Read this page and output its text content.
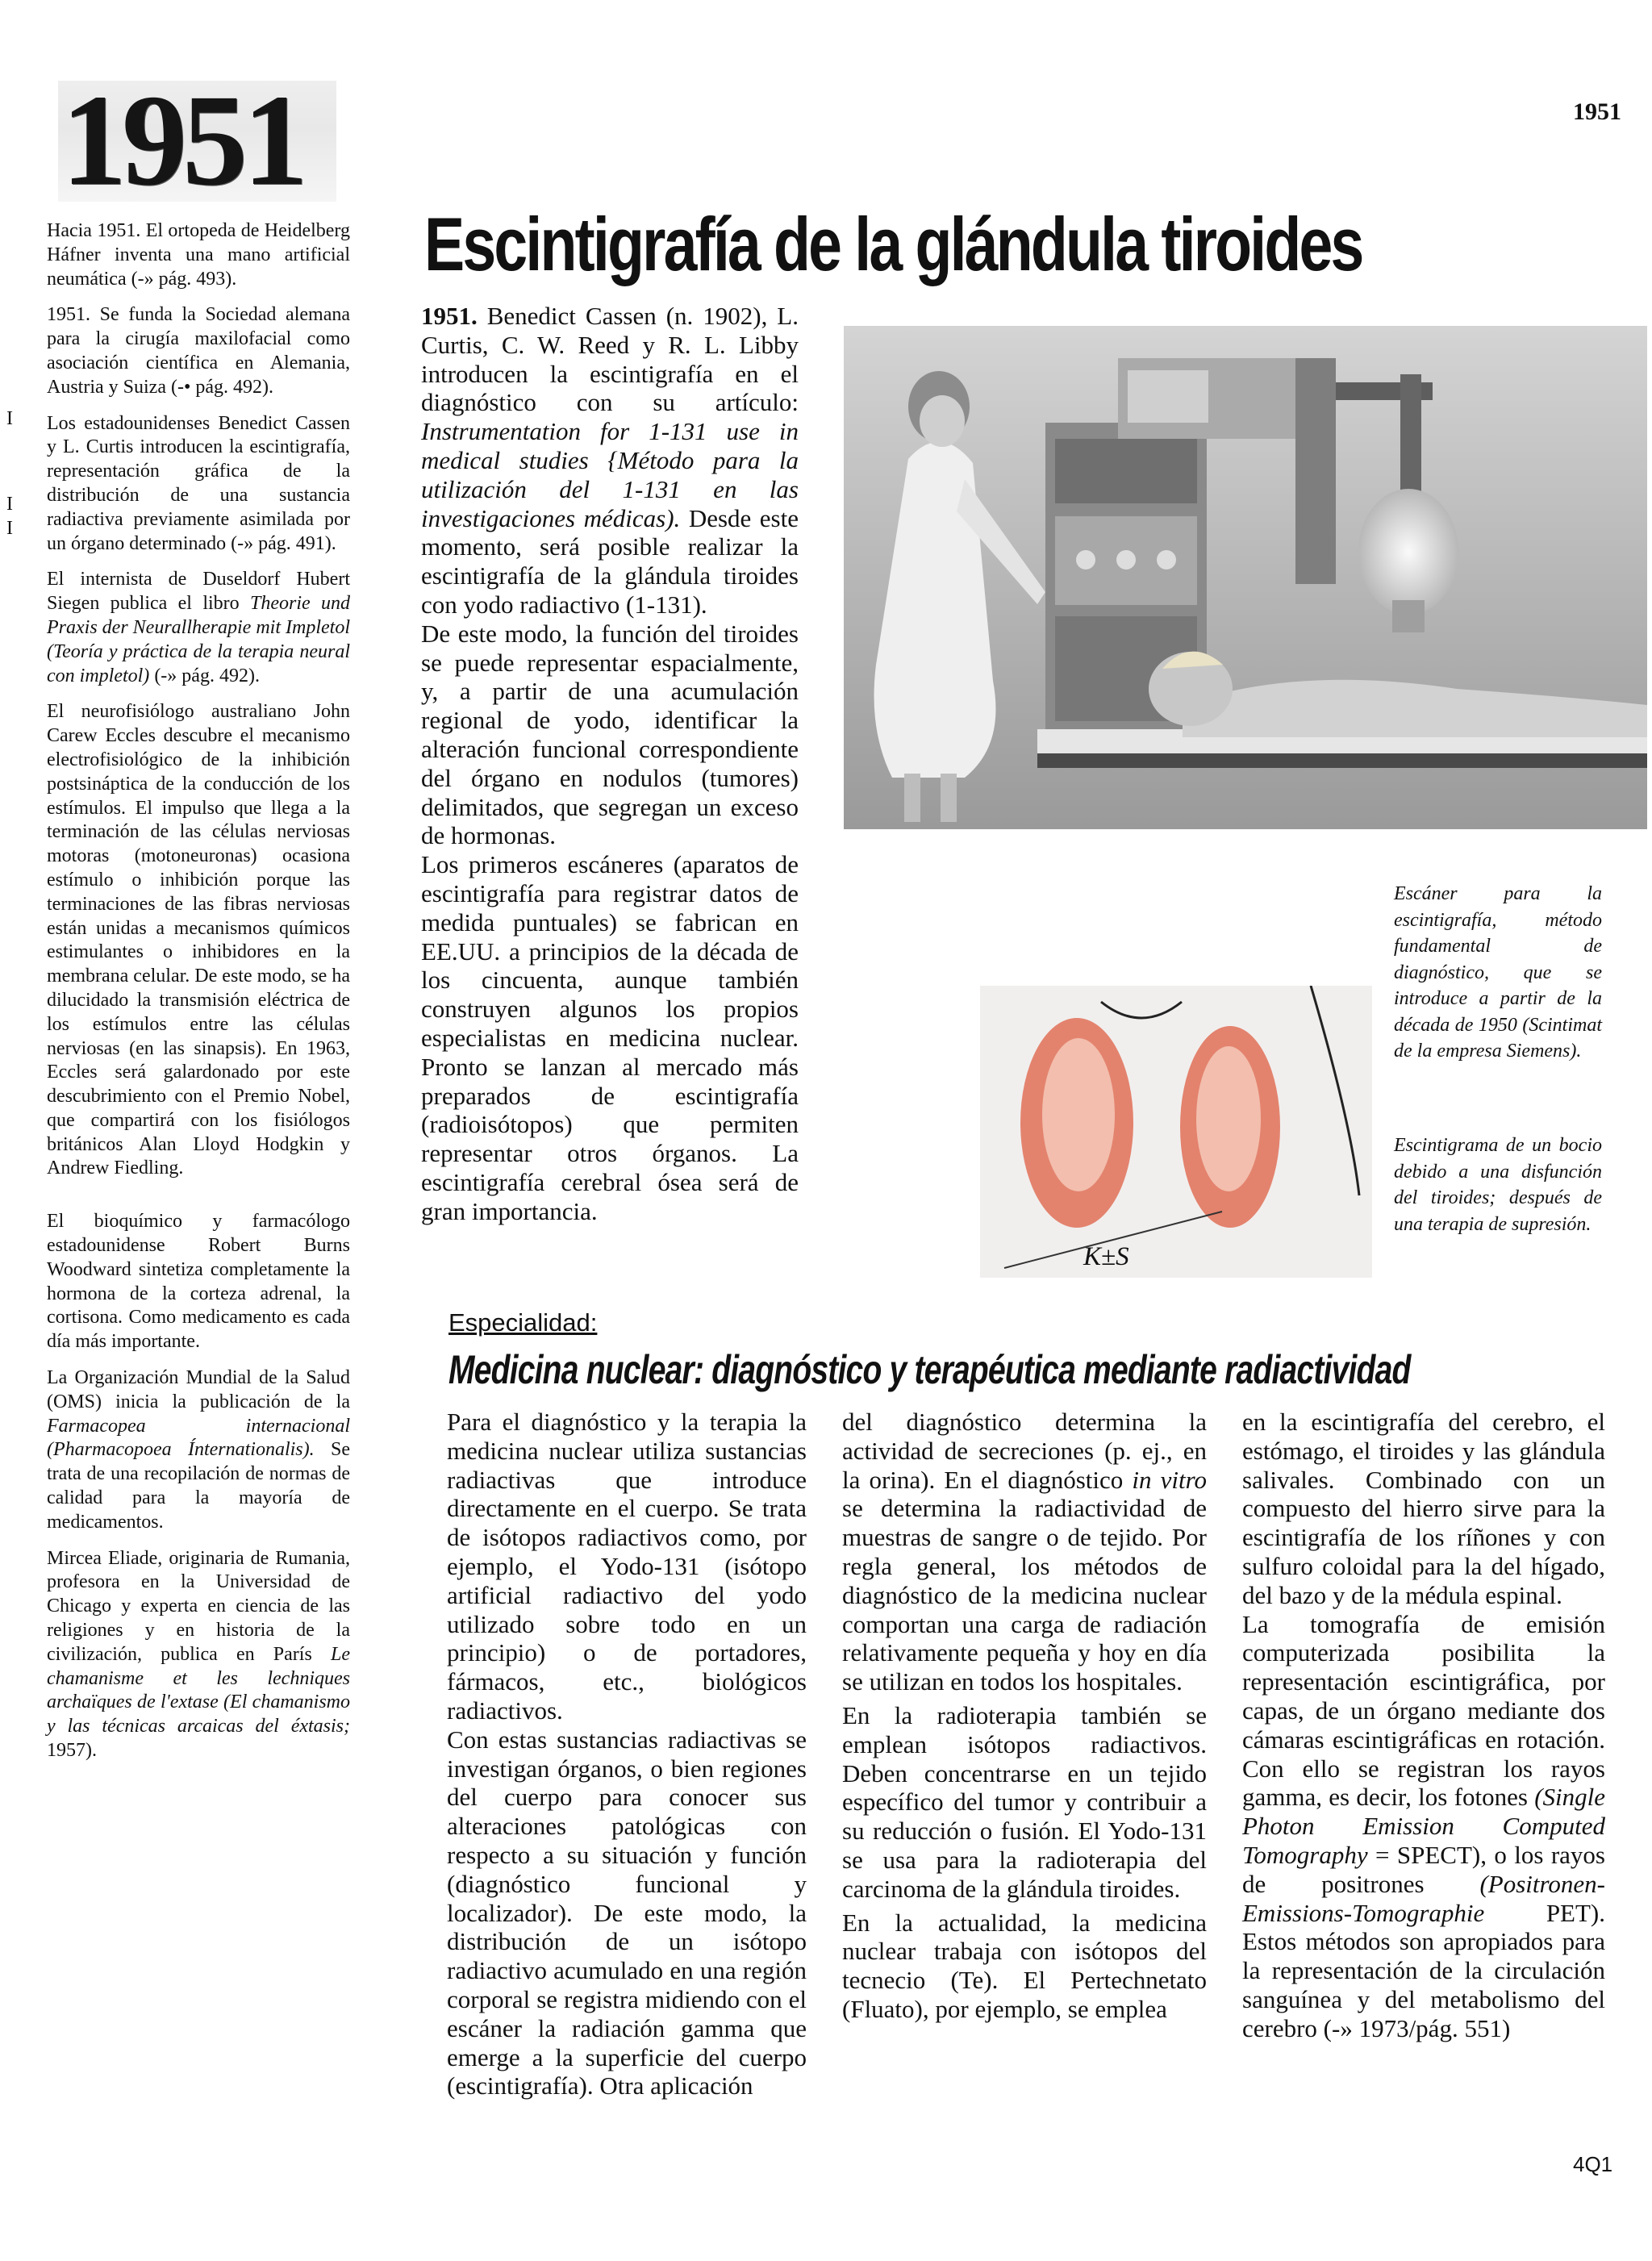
1951	1951
I
I
I

Hacia 1951. El ortopeda de Heidelberg Háfner inventa una mano artificial neumática (-» pág. 493).

1951. Se funda la Sociedad alemana para la cirugía maxilofacial como asociación científica en Alemania, Austria y Suiza (-• pág. 492).

Los estadounidenses Benedict Cassen y L. Curtis introducen la escintigrafía, representación gráfica de la distribución de una sustancia radiactiva previamente asimilada por un órgano determinado (-» pág. 491).

El internista de Duseldorf Hubert Siegen publica el libro Theorie und Praxis der Neurallherapie mit Impletol (Teoría y práctica de la terapia neural con impletol) (-» pág. 492).

El neurofisiólogo australiano John Carew Eccles descubre el mecanismo electrofisiológico de la inhibición postsináptica de la conducción de los estímulos. El impulso que llega a la terminación de las células nerviosas motoras (motoneuronas) ocasiona estímulo o inhibición porque las terminaciones de las fibras nerviosas están unidas a mecanismos químicos estimulantes o inhibidores en la membrana celular. De este modo, se ha dilucidado la transmisión eléctrica de los estímulos entre las células nerviosas (en las sinapsis). En 1963, Eccles será galardonado por este descubrimiento con el Premio Nobel, que compartirá con los fisiólogos británicos Alan Lloyd Hodgkin y Andrew Fiedling.

El bioquímico y farmacólogo estadounidense Robert Burns Woodward sintetiza completamente la hormona de la corteza adrenal, la cortisona. Como medicamento es cada día más importante.

La Organización Mundial de la Salud (OMS) inicia la publicación de la Farmacopea internacional (Pharmacopoea Ínternationalis). Se trata de una recopilación de normas de calidad para la mayoría de medicamentos.

Mircea Eliade, originaria de Rumania, profesora en la Universidad de Chicago y experta en ciencia de las religiones y en historia de la civilización, publica en París Le chamanisme et les lechniques archaïques de l'extase (El chamanismo y las técnicas arcaicas del éxtasis; 1957).

Escintigrafía de la glándula tiroides

1951. Benedict Cassen (n. 1902), L. Curtis, C. W. Reed y R. L. Libby introducen la escintigrafía en el diagnóstico con su artículo: Instrumentation for 1-131 use in medical studies {Método para la utilización del 1-131 en las investigaciones médicas). Desde este momento, será posible realizar la escintigrafía de la glándula tiroides con yodo radiactivo (1-131).

De este modo, la función del tiroides se puede representar espacialmente, y, a partir de una acumulación regional de yodo, identificar la alteración funcional correspondiente del órgano en nodulos (tumores) delimitados, que segregan un exceso de hormonas.

Los primeros escáneres (aparatos de escintigrafía para registrar datos de medida puntuales) se fabrican en EE.UU. a principios de la década de los cincuenta, aunque también construyen algunos los propios especialistas en medicina nuclear. Pronto se lanzan al mercado más preparados de escintigrafía (radioisótopos) que permiten representar otros órganos. La escintigrafía cerebral ósea será de gran importancia.

K±S
Escáner para la escintigrafía, método fundamental de diagnóstico, que se introduce a partir de la década de 1950 (Scintimat de la empresa Siemens).
Escintigrama de un bocio debido a una disfunción del tiroides; después de una terapia de supresión.
Especialidad:
Medicina nuclear: diagnóstico y terapéutica mediante radiactividad

Para el diagnóstico y la terapia la medicina nuclear utiliza sustancias radiactivas que introduce directamente en el cuerpo. Se trata de isótopos radiactivos como, por ejemplo, el Yodo-131 (isótopo artificial radiactivo del yodo utilizado sobre todo en un principio) o de portadores, fármacos, etc., biológicos radiactivos.

Con estas sustancias radiactivas se investigan órganos, o bien regiones del cuerpo para conocer sus alteraciones patológicas con respecto a su situación y función (diagnóstico funcional y localizador). De este modo, la distribución de un isótopo radiactivo acumulado en una región corporal se registra midiendo con el escáner la radiación gamma que emerge a la superficie del cuerpo (escintigrafía). Otra aplicación

del diagnóstico determina la actividad de secreciones (p. ej., en la orina). En el diagnóstico in vitro se determina la radiactividad de muestras de sangre o de tejido. Por regla general, los métodos de diagnóstico de la medicina nuclear comportan una carga de radiación relativamente pequeña y hoy en día se utilizan en todos los hospitales.

En la radioterapia también se emplean isótopos radiactivos. Deben concentrarse en un tejido específico del tumor y contribuir a su reducción o fusión. El Yodo-131 se usa para la radioterapia del carcinoma de la glándula tiroides.

En la actualidad, la medicina nuclear trabaja con isótopos del tecnecio (Te). El Pertechnetato (Fluato), por ejemplo, se emplea

en la escintigrafía del cerebro, el estómago, el tiroides y las glándula salivales. Combinado con un compuesto del hierro sirve para la escintigrafía de los ríñones y con sulfuro coloidal para la del hígado, del bazo y de la médula espinal.

La tomografía de emisión computerizada posibilita la representación escintigráfica, por capas, de un órgano mediante dos cámaras escintigráficas en rotación. Con ello se registran los rayos gamma, es decir, los fotones (Single Photon Emission Computed Tomography = SPECT), o los rayos de positrones (Positronen-Emissions-Tomographie PET). Estos métodos son apropiados para la representación de la circulación sanguínea y del metabolismo del cerebro (-» 1973/pág. 551)

4Q1
